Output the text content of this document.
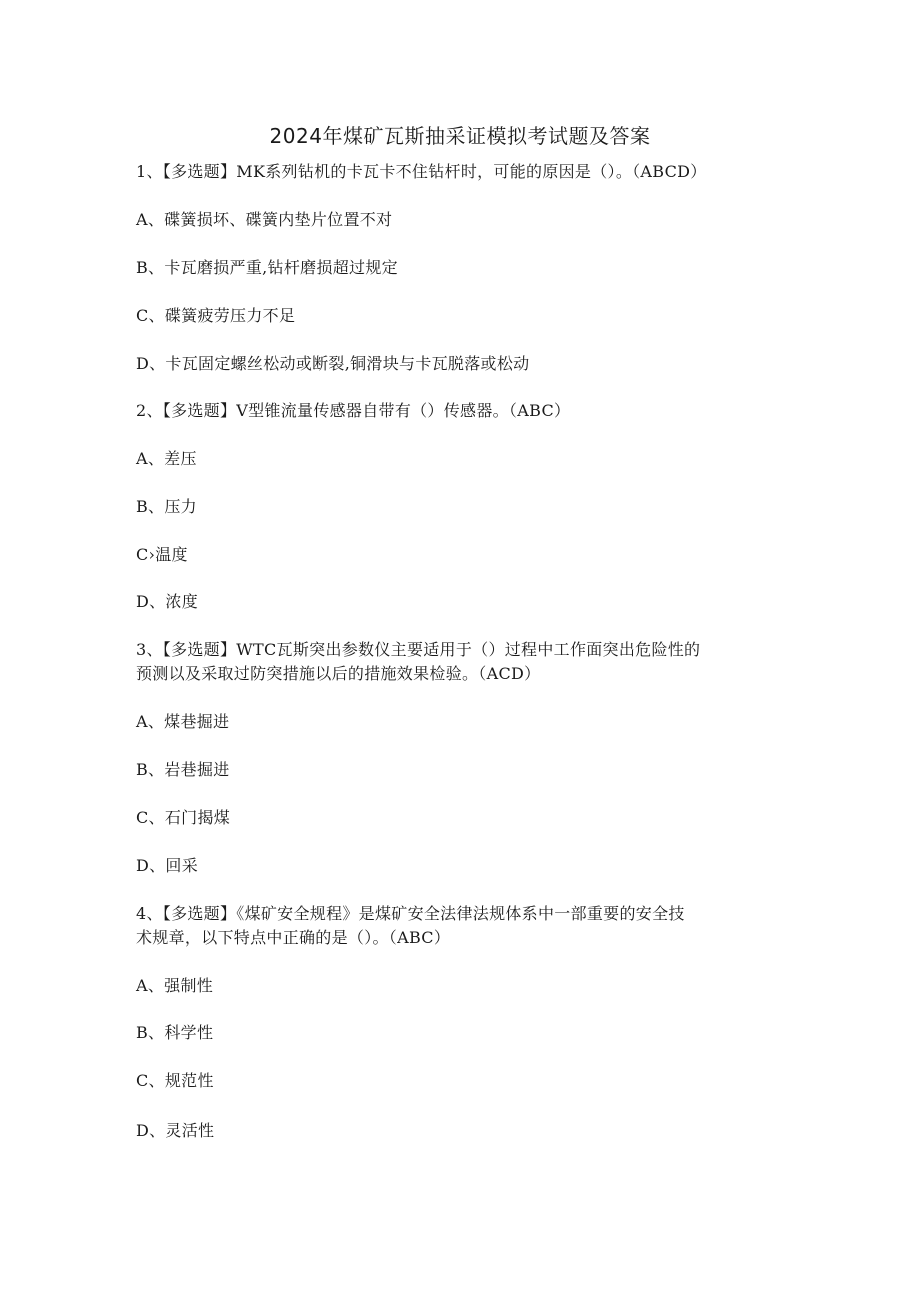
2024年煤矿瓦斯抽采证模拟考试题及答案
1、【多选题】MK系列钻机的卡瓦卡不住钻杆时，可能的原因是（）。（ABCD）
A、碟簧损坏、碟簧内垫片位置不对
B、卡瓦磨损严重,钻杆磨损超过规定
C、碟簧疲劳压力不足
D、卡瓦固定螺丝松动或断裂,铜滑块与卡瓦脱落或松动
2、【多选题】V型锥流量传感器自带有（）传感器。（ABC）
A、差压
B、压力
C›温度
D、浓度
3、【多选题】WTC瓦斯突出参数仪主要适用于（）过程中工作面突出危险性的
预测以及采取过防突措施以后的措施效果检验。（ACD）
A、煤巷掘进
B、岩巷掘进
C、石门揭煤
D、回采
4、【多选题】《煤矿安全规程》是煤矿安全法律法规体系中一部重要的安全技
术规章，以下特点中正确的是（）。（ABC）
A、强制性
B、科学性
C、规范性
D、灵活性
